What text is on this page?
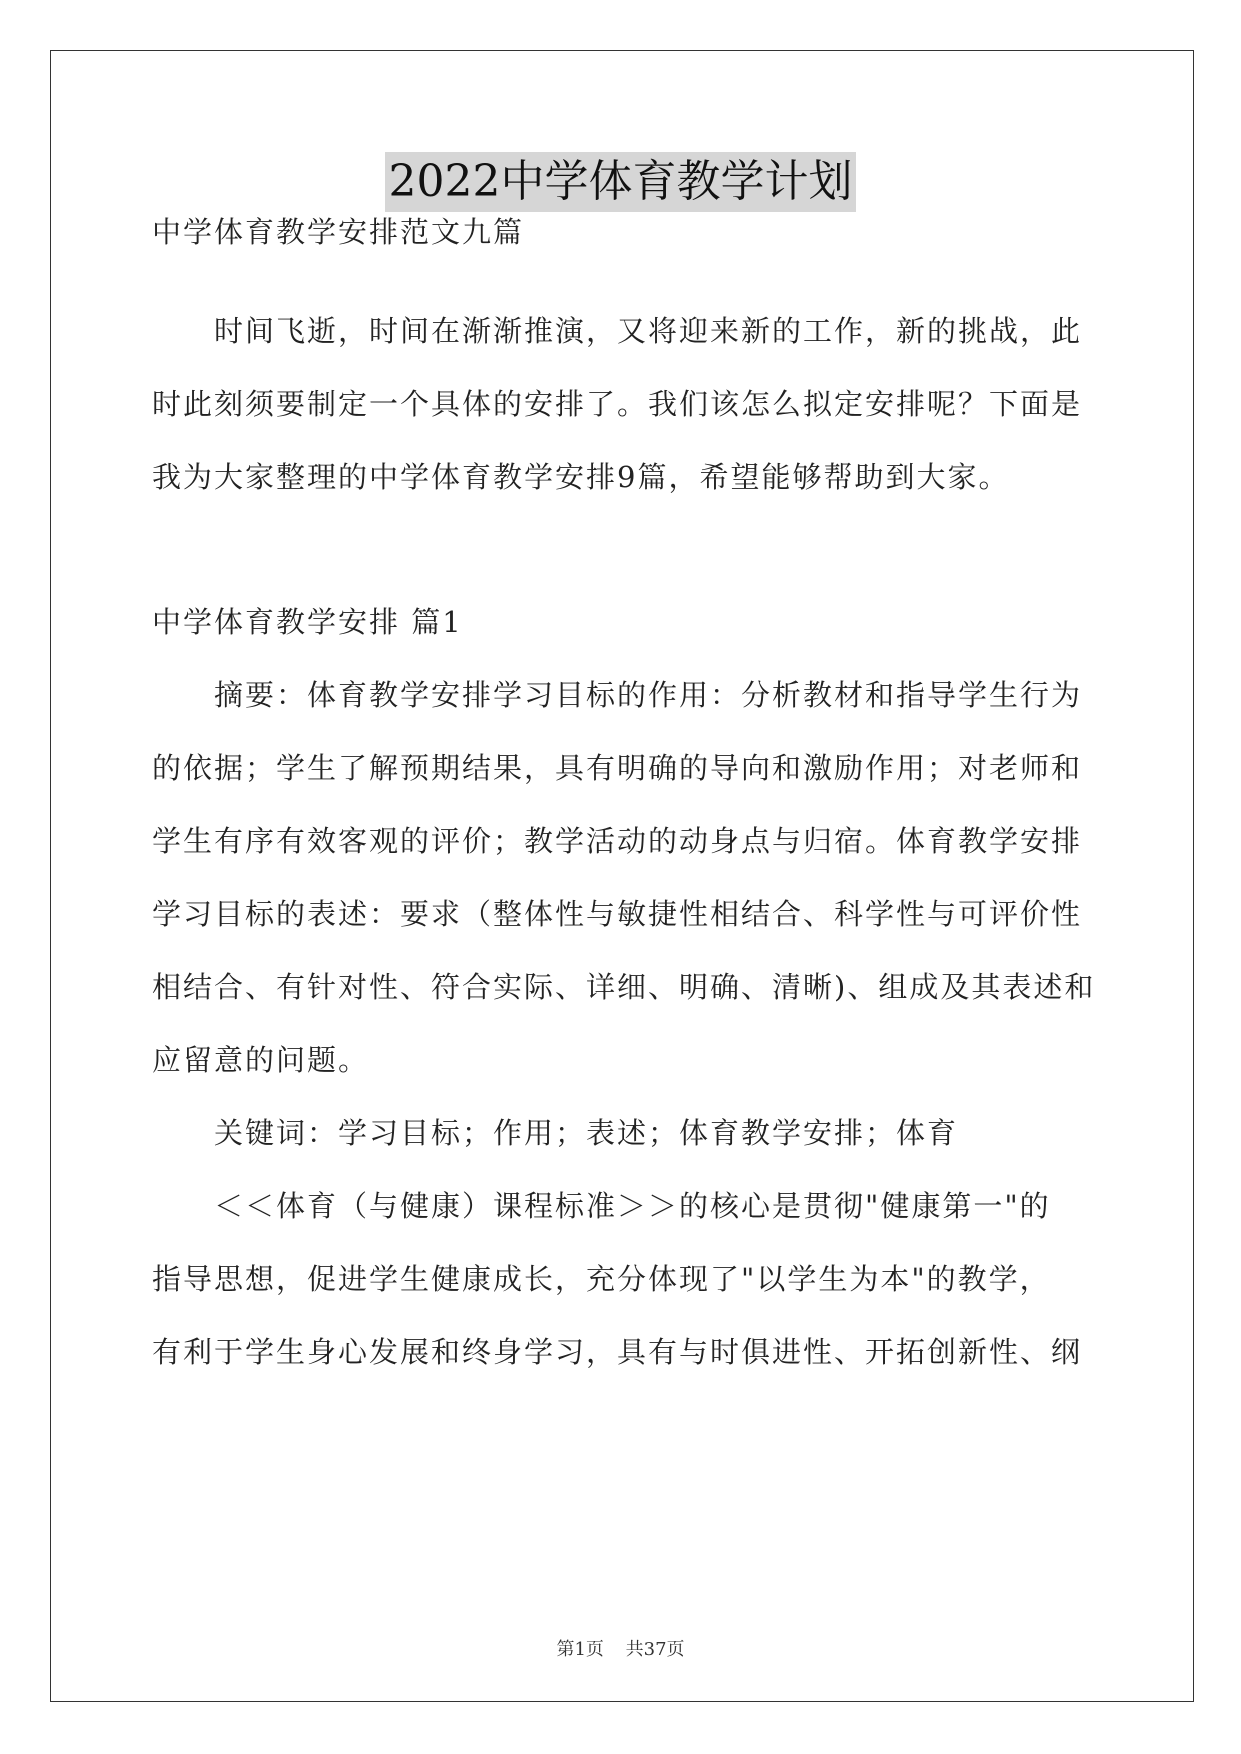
2022中学体育教学计划
中学体育教学安排范文九篇
时间飞逝，时间在渐渐推演，又将迎来新的工作，新的挑战，此
时此刻须要制定一个具体的安排了。我们该怎么拟定安排呢？下面是
我为大家整理的中学体育教学安排9篇，希望能够帮助到大家。
中学体育教学安排 篇1
摘要：体育教学安排学习目标的作用：分析教材和指导学生行为
的依据；学生了解预期结果，具有明确的导向和激励作用；对老师和
学生有序有效客观的评价；教学活动的动身点与归宿。体育教学安排
学习目标的表述：要求（整体性与敏捷性相结合、科学性与可评价性
相结合、有针对性、符合实际、详细、明确、清晰)、组成及其表述和
应留意的问题。
关键词：学习目标；作用；表述；体育教学安排；体育
＜＜体育（与健康）课程标准＞＞的核心是贯彻"健康第一"的
指导思想，促进学生健康成长，充分体现了"以学生为本"的教学，
有利于学生身心发展和终身学习，具有与时俱进性、开拓创新性、纲
第1页 共37页
